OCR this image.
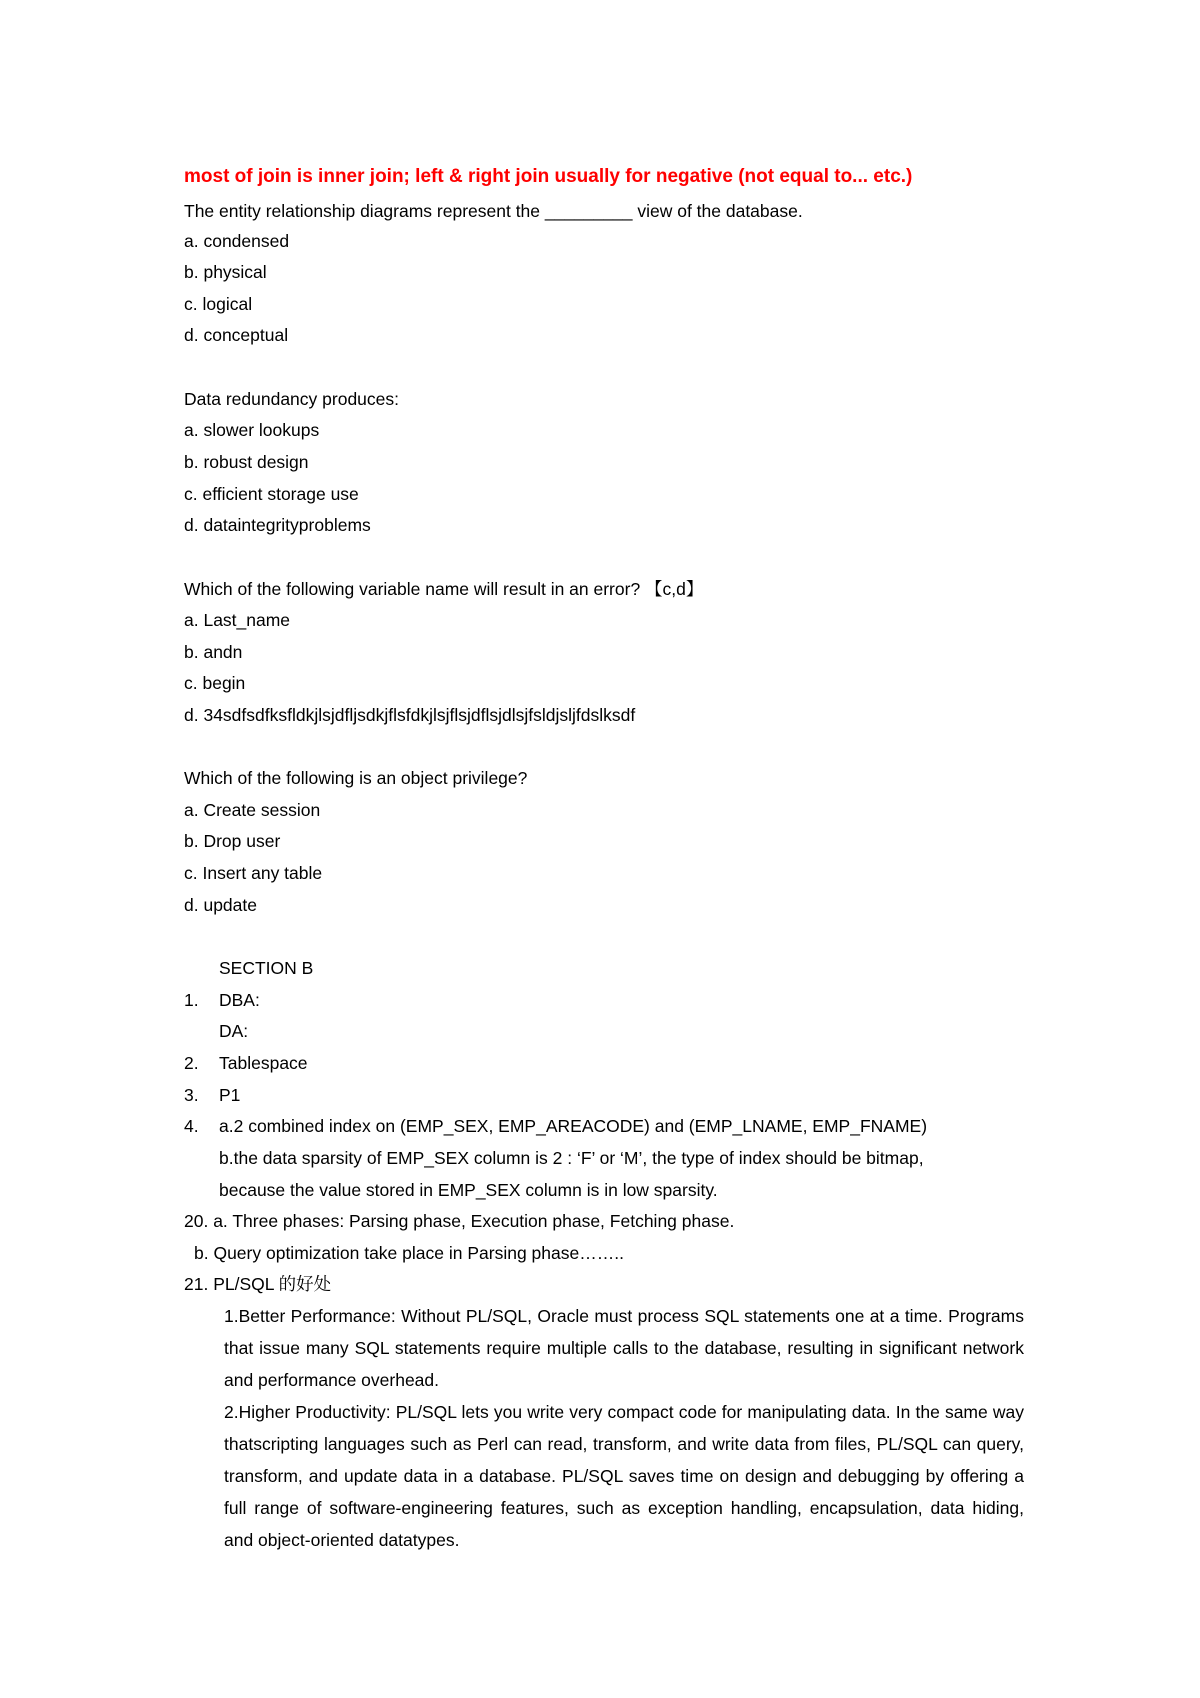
most of join is inner join; left & right join usually for negative (not equal to... etc.)
The entity relationship diagrams represent the _________ view of the database.
a. condensed
b. physical
c. logical
d. conceptual
Data redundancy produces:
a. slower lookups
b. robust design
c. efficient storage use
d. dataintegrityproblems
Which of the following variable name will result in an error? 【c,d】
a. Last_name
b. andn
c. begin
d. 34sdfsdfksfldkjlsjdfljsdkjflsfdkjlsjflsjdflsjdlsjfsldjsljfdslksdf
Which of the following is an object privilege?
a. Create session
b. Drop user
c. Insert any table
d. update
SECTION B
1. DBA:
DA:
2. Tablespace
3. P1
4. a.2 combined index on (EMP_SEX, EMP_AREACODE) and (EMP_LNAME, EMP_FNAME)
b.the data sparsity of EMP_SEX column is 2 : ‘F’ or ‘M’, the type of index should be bitmap,
because the value stored in EMP_SEX column is in low sparsity.
20. a. Three phases: Parsing phase, Execution phase, Fetching phase.
b. Query optimization take place in Parsing phase……..
21. PL/SQL 的好处
1.Better Performance: Without PL/SQL, Oracle must process SQL statements one at a time. Programs that issue many SQL statements require multiple calls to the database, resulting in significant network and performance overhead.
2.Higher Productivity: PL/SQL lets you write very compact code for manipulating data. In the same way thatscripting languages such as Perl can read, transform, and write data from files, PL/SQL can query, transform, and update data in a database. PL/SQL saves time on design and debugging by offering a full range of software-engineering features, such as exception handling, encapsulation, data hiding, and object-oriented datatypes.
